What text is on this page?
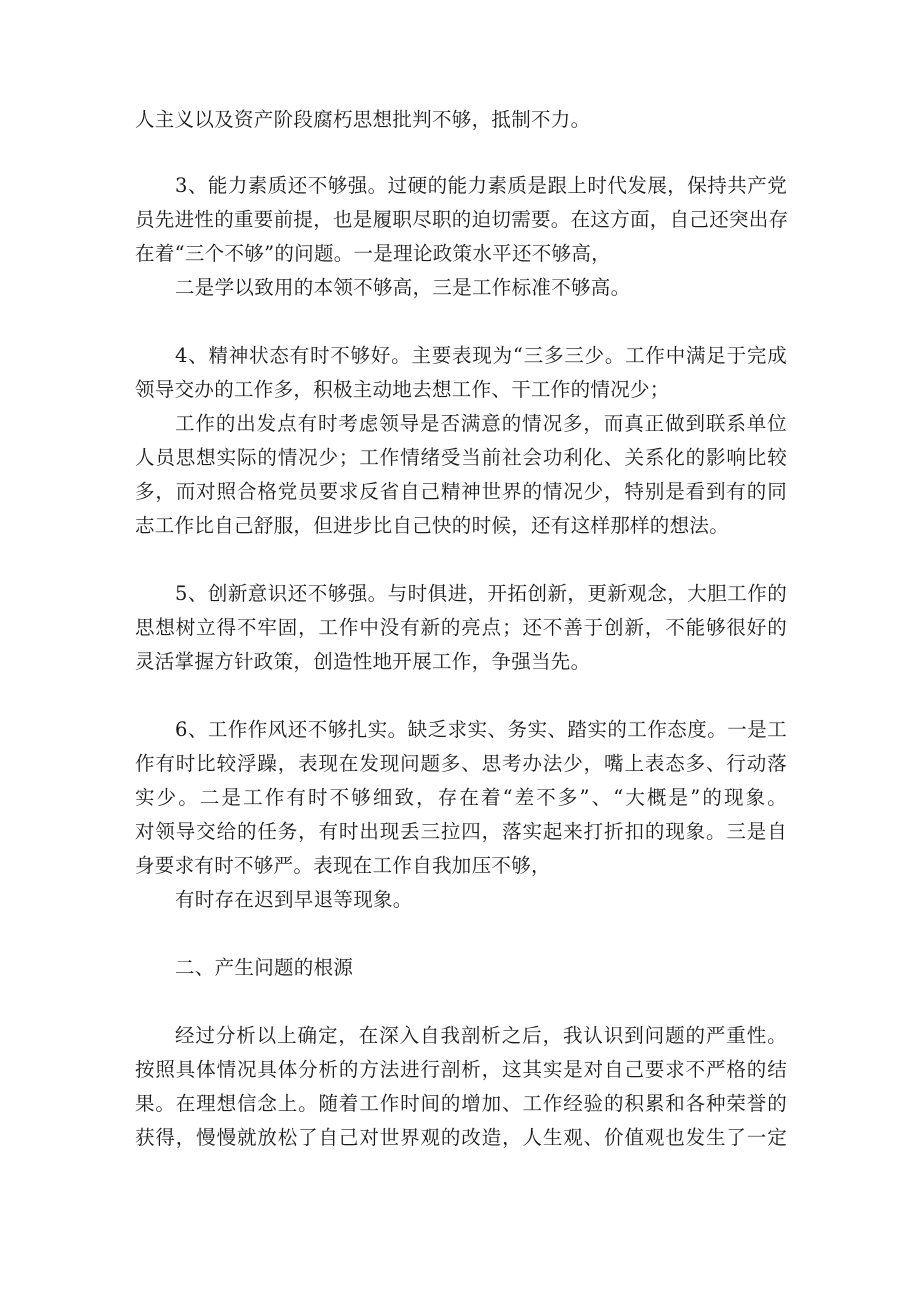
人主义以及资产阶段腐朽思想批判不够，抵制不力。
3、能力素质还不够强。过硬的能力素质是跟上时代发展，保持共产党
员先进性的重要前提，也是履职尽职的迫切需要。在这方面，自己还突出存
在着“三个不够”的问题。一是理论政策水平还不够高，
二是学以致用的本领不够高，三是工作标准不够高。
4、精神状态有时不够好。主要表现为“三多三少。工作中满足于完成
领导交办的工作多，积极主动地去想工作、干工作的情况少；
工作的出发点有时考虑领导是否满意的情况多，而真正做到联系单位
人员思想实际的情况少；工作情绪受当前社会功利化、关系化的影响比较
多，而对照合格党员要求反省自己精神世界的情况少，特别是看到有的同
志工作比自己舒服，但进步比自己快的时候，还有这样那样的想法。
5、创新意识还不够强。与时俱进，开拓创新，更新观念，大胆工作的
思想树立得不牢固，工作中没有新的亮点；还不善于创新，不能够很好的
灵活掌握方针政策，创造性地开展工作，争强当先。
6、工作作风还不够扎实。缺乏求实、务实、踏实的工作态度。一是工
作有时比较浮躁，表现在发现问题多、思考办法少，嘴上表态多、行动落
实少。二是工作有时不够细致，存在着“差不多”、“大概是”的现象。
对领导交给的任务，有时出现丢三拉四，落实起来打折扣的现象。三是自
身要求有时不够严。表现在工作自我加压不够，
有时存在迟到早退等现象。
二、产生问题的根源
经过分析以上确定，在深入自我剖析之后，我认识到问题的严重性。
按照具体情况具体分析的方法进行剖析，这其实是对自己要求不严格的结
果。在理想信念上。随着工作时间的增加、工作经验的积累和各种荣誉的
获得，慢慢就放松了自己对世界观的改造，人生观、价值观也发生了一定
